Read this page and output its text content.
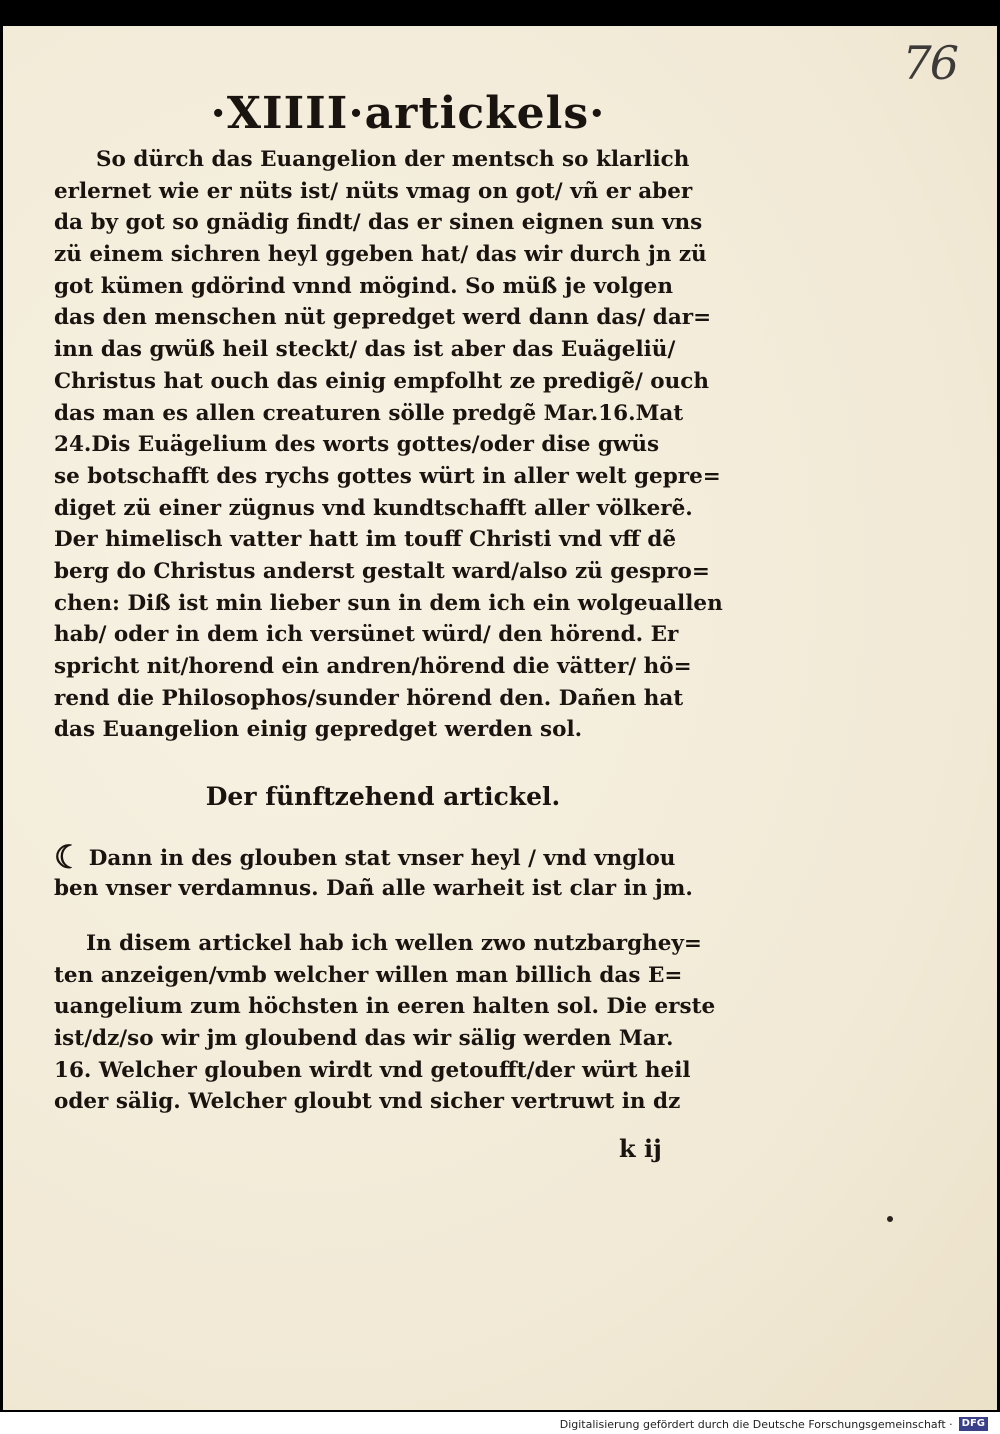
76
·XIIII·artickels·
So dürch das Euangelion der mentsch so klarlich
erlernet wie er nüts ist/ nüts vmag on got/ vñ er aber
da by got so gnädig findt/ das er sinen eignen sun vns
zü einem sichren heyl ggeben hat/ das wir durch jn zü
got kümen gdörind vnnd mögind. So müß je volgen
das den menschen nüt gepredget werd dann das/ dar=
inn das gwüß heil steckt/ das ist aber das Euägeliü/
Christus hat ouch das einig empfolht ze predigẽ/ ouch
das man es allen creaturen sölle predgẽ Mar.16.Mat
24.Dis Euägelium des worts gottes/oder dise gwüs
se botschafft des rychs gottes würt in aller welt gepre=
diget zü einer zügnus vnd kundtschafft aller völkerẽ.
Der himelisch vatter hatt im touff Christi vnd vff dẽ
berg do Christus anderst gestalt ward/also zü gespro=
chen: Diß ist min lieber sun in dem ich ein wolgeuallen
hab/ oder in dem ich versünet würd/ den hörend. Er
spricht nit/horend ein andren/hörend die vätter/ hö=
rend die Philosophos/sunder hörend den. Dañen hat
das Euangelion einig gepredget werden sol.
Der fünftzehend artickel.
☾ Dann in des glouben stat vnser heyl / vnd vnglou
ben vnser verdamnus. Dañ alle warheit ist clar in jm.
In disem artickel hab ich wellen zwo nutzbarghey=
ten anzeigen/vmb welcher willen man billich das E=
uangelium zum höchsten in eeren halten sol. Die erste
ist/dz/so wir jm gloubend das wir sälig werden Mar.
16. Welcher glouben wirdt vnd getoufft/der würt heil
oder sälig. Welcher gloubt vnd sicher vertruwt in dz
k ij
Digitalisierung gefördert durch die Deutsche Forschungsgemeinschaft · DFG
